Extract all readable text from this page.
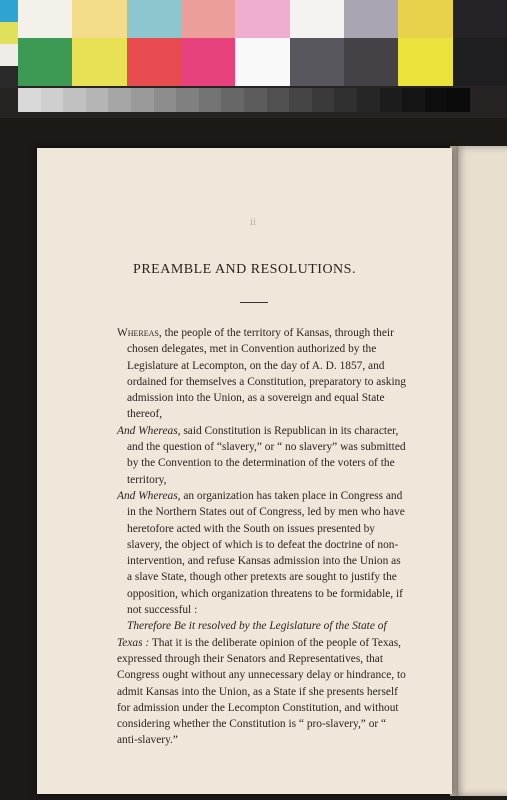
ii
PREAMBLE AND RESOLUTIONS.

Whereas, the people of the territory of Kansas, through their chosen delegates, met in Convention authorized by the Legislature at Lecompton, on the day of A. D. 1857, and ordained for themselves a Constitution, preparatory to asking admission into the Union, as a sovereign and equal State thereof,

And Whereas, said Constitution is Republican in its character, and the question of “slavery,” or “ no slavery” was submitted by the Convention to the determination of the voters of the territory,

And Whereas, an organization has taken place in Congress and in the Northern States out of Congress, led by men who have heretofore acted with the South on issues presented by slavery, the object of which is to defeat the doctrine of non-intervention, and refuse Kansas admission into the Union as a slave State, though other pretexts are sought to justify the opposition, which organization threatens to be formidable, if not successful :

Therefore Be it resolved by the Legislature of the State of Texas : That it is the deliberate opinion of the people of Texas, expressed through their Senators and Representatives, that Congress ought without any unnecessary delay or hindrance, to admit Kansas into the Union, as a State if she presents herself for admission under the Lecompton Constitution, and without considering whether the Constitution is “ pro-slavery,” or “ anti-slavery.”
